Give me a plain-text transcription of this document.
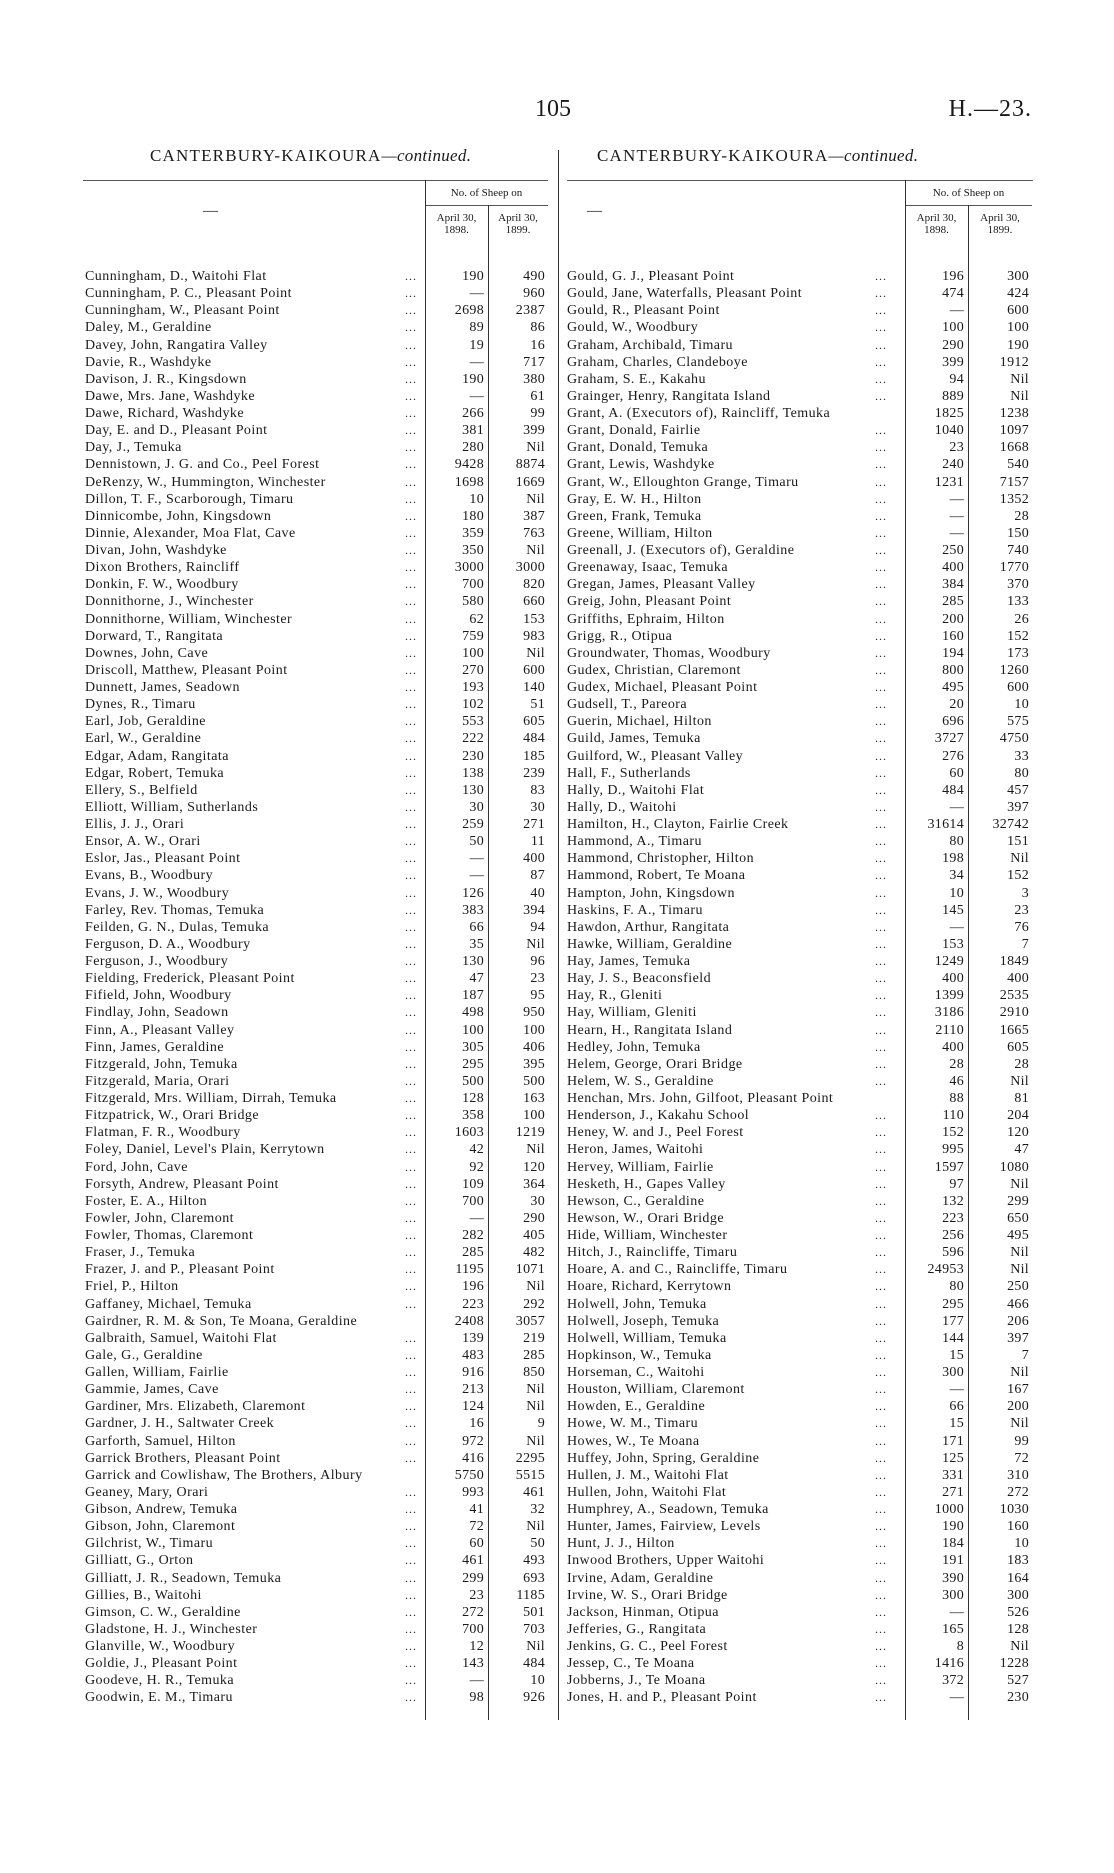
105	H.—23.
CANTERBURY-KAIKOURA—continued.	CANTERBURY-KAIKOURA—continued.
No. of Sheep on
—	April 30,
1898.
April 30,
1899.
Cunningham, D., Waitohi Flat	...	190	490
Cunningham, P. C., Pleasant Point	...	—	960
Cunningham, W., Pleasant Point	...	2698	2387
Daley, M., Geraldine	...	89	86
Davey, John, Rangatira Valley	...	19	16
Davie, R., Washdyke	...	—	717
Davison, J. R., Kingsdown	...	190	380
Dawe, Mrs. Jane, Washdyke	...	—	61
Dawe, Richard, Washdyke	...	266	99
Day, E. and D., Pleasant Point	...	381	399
Day, J., Temuka	...	280	Nil
Dennistown, J. G. and Co., Peel Forest	...	9428	8874
DeRenzy, W., Hummington, Winchester	...	1698	1669
Dillon, T. F., Scarborough, Timaru	...	10	Nil
Dinnicombe, John, Kingsdown	...	180	387
Dinnie, Alexander, Moa Flat, Cave	...	359	763
Divan, John, Washdyke	...	350	Nil
Dixon Brothers, Raincliff	...	3000	3000
Donkin, F. W., Woodbury	...	700	820
Donnithorne, J., Winchester	...	580	660
Donnithorne, William, Winchester	...	62	153
Dorward, T., Rangitata	...	759	983
Downes, John, Cave	...	100	Nil
Driscoll, Matthew, Pleasant Point	...	270	600
Dunnett, James, Seadown	...	193	140
Dynes, R., Timaru	...	102	51
Earl, Job, Geraldine	...	553	605
Earl, W., Geraldine	...	222	484
Edgar, Adam, Rangitata	...	230	185
Edgar, Robert, Temuka	...	138	239
Ellery, S., Belfield	...	130	83
Elliott, William, Sutherlands	...	30	30
Ellis, J. J., Orari	...	259	271
Ensor, A. W., Orari	...	50	11
Eslor, Jas., Pleasant Point	...	—	400
Evans, B., Woodbury	...	—	87
Evans, J. W., Woodbury	...	126	40
Farley, Rev. Thomas, Temuka	...	383	394
Feilden, G. N., Dulas, Temuka	...	66	94
Ferguson, D. A., Woodbury	...	35	Nil
Ferguson, J., Woodbury	...	130	96
Fielding, Frederick, Pleasant Point	...	47	23
Fifield, John, Woodbury	...	187	95
Findlay, John, Seadown	...	498	950
Finn, A., Pleasant Valley	...	100	100
Finn, James, Geraldine	...	305	406
Fitzgerald, John, Temuka	...	295	395
Fitzgerald, Maria, Orari	...	500	500
Fitzgerald, Mrs. William, Dirrah, Temuka	...	128	163
Fitzpatrick, W., Orari Bridge	...	358	100
Flatman, F. R., Woodbury	...	1603	1219
Foley, Daniel, Level's Plain, Kerrytown	...	42	Nil
Ford, John, Cave	...	92	120
Forsyth, Andrew, Pleasant Point	...	109	364
Foster, E. A., Hilton	...	700	30
Fowler, John, Claremont	...	—	290
Fowler, Thomas, Claremont	...	282	405
Fraser, J., Temuka	...	285	482
Frazer, J. and P., Pleasant Point	...	1195	1071
Friel, P., Hilton	...	196	Nil
Gaffaney, Michael, Temuka	...	223	292
Gairdner, R. M. & Son, Te Moana, Geraldine	2408	3057
Galbraith, Samuel, Waitohi Flat	...	139	219
Gale, G., Geraldine	...	483	285
Gallen, William, Fairlie	...	916	850
Gammie, James, Cave	...	213	Nil
Gardiner, Mrs. Elizabeth, Claremont	...	124	Nil
Gardner, J. H., Saltwater Creek	...	16	9
Garforth, Samuel, Hilton	...	972	Nil
Garrick Brothers, Pleasant Point	...	416	2295
Garrick and Cowlishaw, The Brothers, Albury	5750	5515
Geaney, Mary, Orari	...	993	461
Gibson, Andrew, Temuka	...	41	32
Gibson, John, Claremont	...	72	Nil
Gilchrist, W., Timaru	...	60	50
Gilliatt, G., Orton	...	461	493
Gilliatt, J. R., Seadown, Temuka	...	299	693
Gillies, B., Waitohi	...	23	1185
Gimson, C. W., Geraldine	...	272	501
Gladstone, H. J., Winchester	...	700	703
Glanville, W., Woodbury	...	12	Nil
Goldie, J., Pleasant Point	...	143	484
Goodeve, H. R., Temuka	...	—	10
Goodwin, E. M., Timaru	...	98	926
No. of Sheep on
—	April 30,
1898.
April 30,
1899.
Gould, G. J., Pleasant Point	...	196	300
Gould, Jane, Waterfalls, Pleasant Point	...	474	424
Gould, R., Pleasant Point	...	—	600
Gould, W., Woodbury	...	100	100
Graham, Archibald, Timaru	...	290	190
Graham, Charles, Clandeboye	...	399	1912
Graham, S. E., Kakahu	...	94	Nil
Grainger, Henry, Rangitata Island	...	889	Nil
Grant, A. (Executors of), Raincliff, Temuka	1825	1238
Grant, Donald, Fairlie	...	1040	1097
Grant, Donald, Temuka	...	23	1668
Grant, Lewis, Washdyke	...	240	540
Grant, W., Elloughton Grange, Timaru	...	1231	7157
Gray, E. W. H., Hilton	...	—	1352
Green, Frank, Temuka	...	—	28
Greene, William, Hilton	...	—	150
Greenall, J. (Executors of), Geraldine	...	250	740
Greenaway, Isaac, Temuka	...	400	1770
Gregan, James, Pleasant Valley	...	384	370
Greig, John, Pleasant Point	...	285	133
Griffiths, Ephraim, Hilton	...	200	26
Grigg, R., Otipua	...	160	152
Groundwater, Thomas, Woodbury	...	194	173
Gudex, Christian, Claremont	...	800	1260
Gudex, Michael, Pleasant Point	...	495	600
Gudsell, T., Pareora	...	20	10
Guerin, Michael, Hilton	...	696	575
Guild, James, Temuka	...	3727	4750
Guilford, W., Pleasant Valley	...	276	33
Hall, F., Sutherlands	...	60	80
Hally, D., Waitohi Flat	...	484	457
Hally, D., Waitohi	...	—	397
Hamilton, H., Clayton, Fairlie Creek	...	31614	32742
Hammond, A., Timaru	...	80	151
Hammond, Christopher, Hilton	...	198	Nil
Hammond, Robert, Te Moana	...	34	152
Hampton, John, Kingsdown	...	10	3
Haskins, F. A., Timaru	...	145	23
Hawdon, Arthur, Rangitata	...	—	76
Hawke, William, Geraldine	...	153	7
Hay, James, Temuka	...	1249	1849
Hay, J. S., Beaconsfield	...	400	400
Hay, R., Gleniti	...	1399	2535
Hay, William, Gleniti	...	3186	2910
Hearn, H., Rangitata Island	...	2110	1665
Hedley, John, Temuka	...	400	605
Helem, George, Orari Bridge	...	28	28
Helem, W. S., Geraldine	...	46	Nil
Henchan, Mrs. John, Gilfoot, Pleasant Point	88	81
Henderson, J., Kakahu School	...	110	204
Heney, W. and J., Peel Forest	...	152	120
Heron, James, Waitohi	...	995	47
Hervey, William, Fairlie	...	1597	1080
Hesketh, H., Gapes Valley	...	97	Nil
Hewson, C., Geraldine	...	132	299
Hewson, W., Orari Bridge	...	223	650
Hide, William, Winchester	...	256	495
Hitch, J., Raincliffe, Timaru	...	596	Nil
Hoare, A. and C., Raincliffe, Timaru	...	24953	Nil
Hoare, Richard, Kerrytown	...	80	250
Holwell, John, Temuka	...	295	466
Holwell, Joseph, Temuka	...	177	206
Holwell, William, Temuka	...	144	397
Hopkinson, W., Temuka	...	15	7
Horseman, C., Waitohi	...	300	Nil
Houston, William, Claremont	...	—	167
Howden, E., Geraldine	...	66	200
Howe, W. M., Timaru	...	15	Nil
Howes, W., Te Moana	...	171	99
Huffey, John, Spring, Geraldine	...	125	72
Hullen, J. M., Waitohi Flat	...	331	310
Hullen, John, Waitohi Flat	...	271	272
Humphrey, A., Seadown, Temuka	...	1000	1030
Hunter, James, Fairview, Levels	...	190	160
Hunt, J. J., Hilton	...	184	10
Inwood Brothers, Upper Waitohi	...	191	183
Irvine, Adam, Geraldine	...	390	164
Irvine, W. S., Orari Bridge	...	300	300
Jackson, Hinman, Otipua	...	—	526
Jefferies, G., Rangitata	...	165	128
Jenkins, G. C., Peel Forest	...	8	Nil
Jessep, C., Te Moana	...	1416	1228
Jobberns, J., Te Moana	...	372	527
Jones, H. and P., Pleasant Point	...	—	230
